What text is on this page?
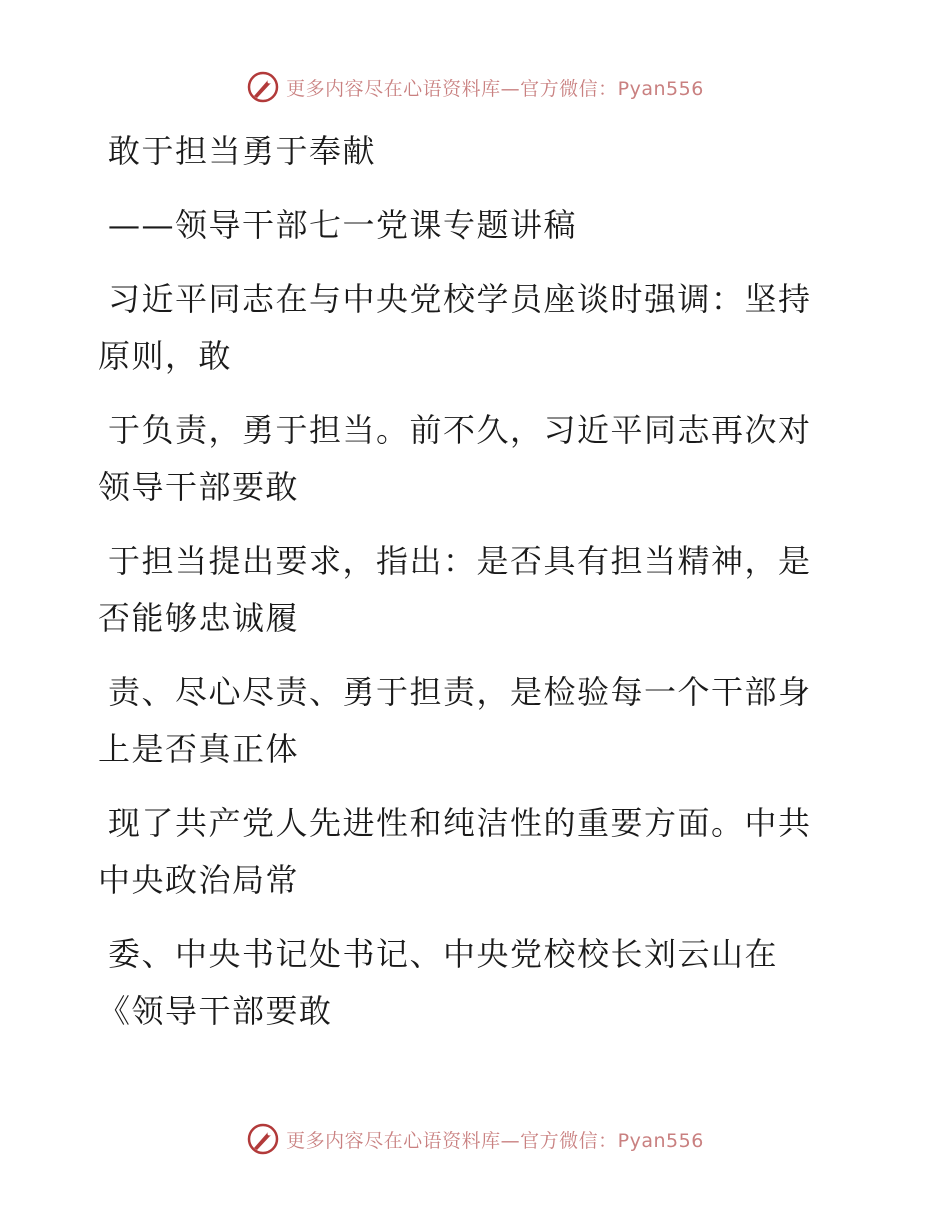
更多内容尽在心语资料库—官方微信：Pyan556
敢于担当勇于奉献
——领导干部七一党课专题讲稿
习近平同志在与中央党校学员座谈时强调：坚持
原则，敢
于负责，勇于担当。前不久，习近平同志再次对
领导干部要敢
于担当提出要求，指出：是否具有担当精神，是
否能够忠诚履
责、尽心尽责、勇于担责，是检验每一个干部身
上是否真正体
现了共产党人先进性和纯洁性的重要方面。中共
中央政治局常
委、中央书记处书记、中央党校校长刘云山在
《领导干部要敢
更多内容尽在心语资料库—官方微信：Pyan556
